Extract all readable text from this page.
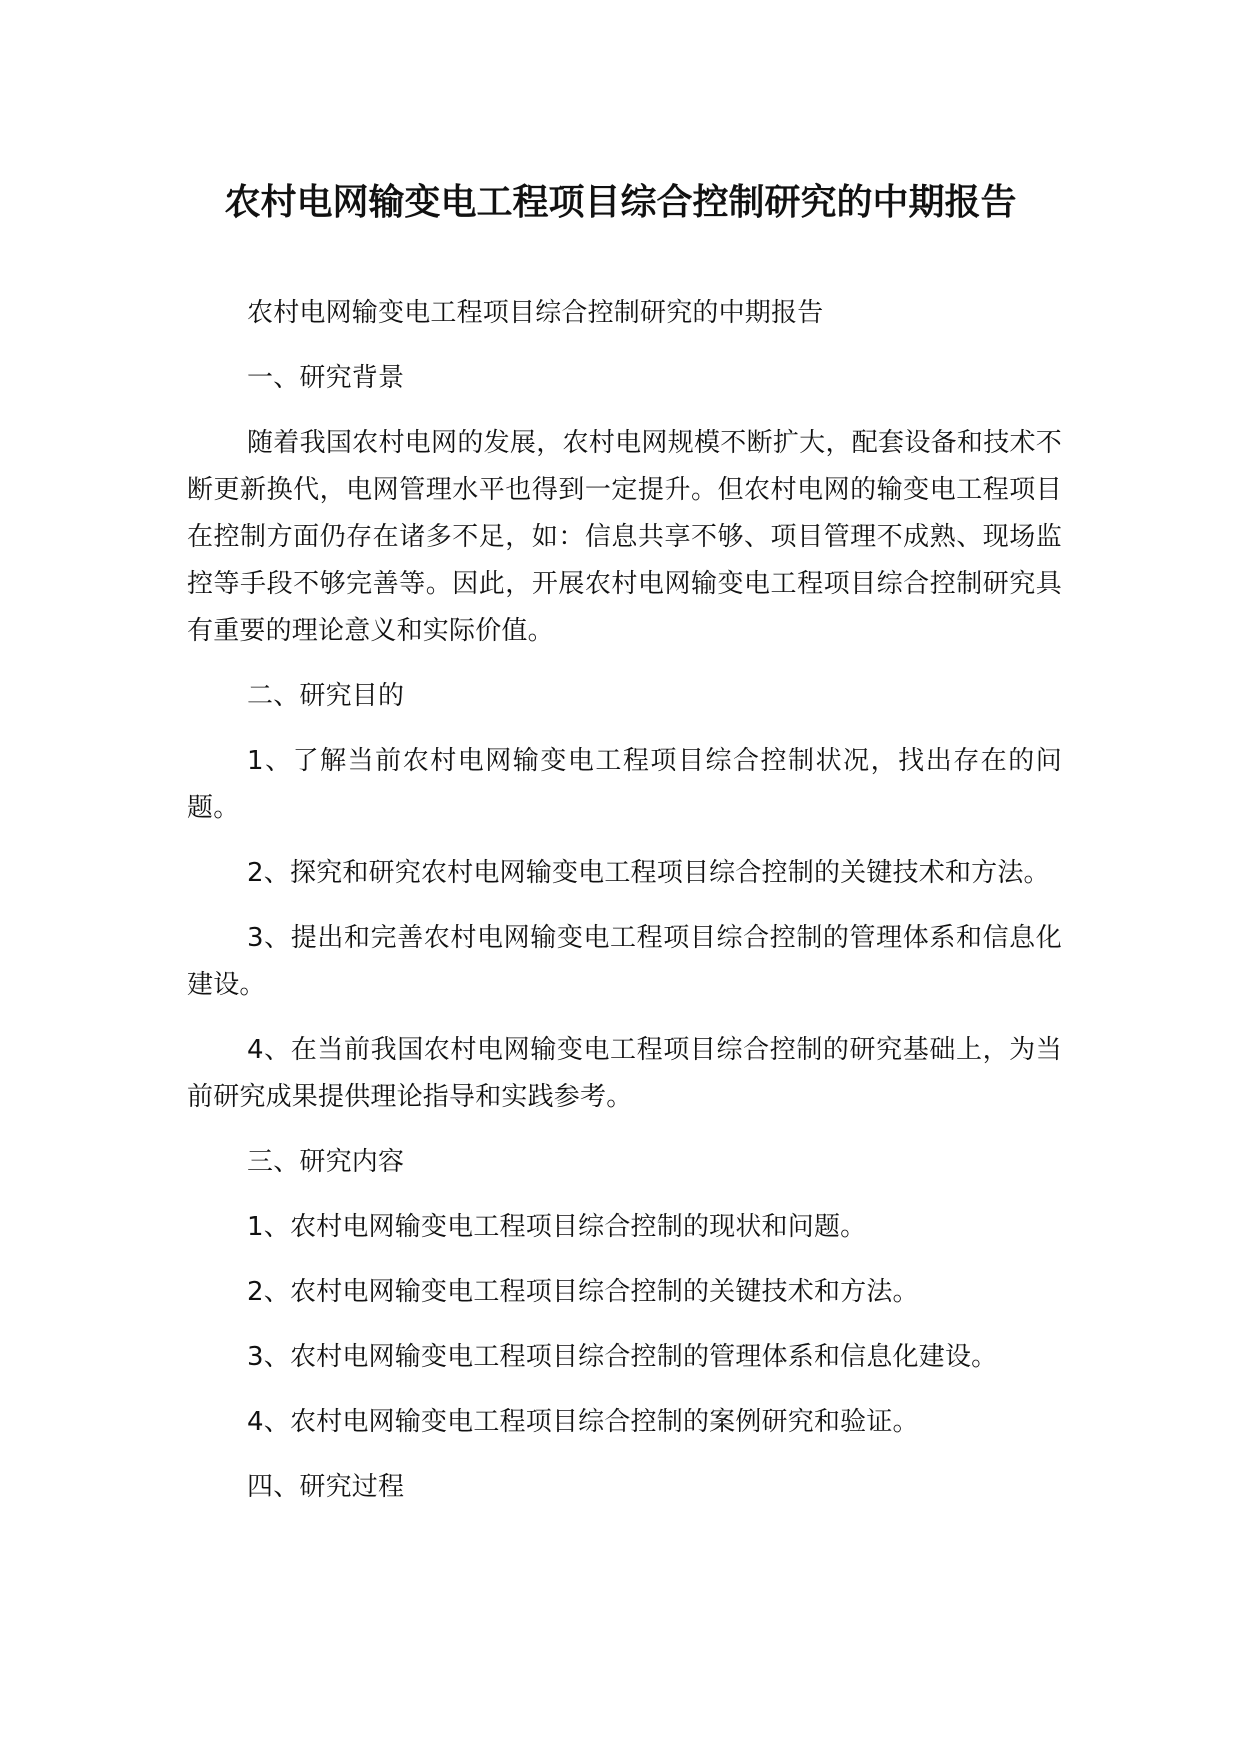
农村电网输变电工程项目综合控制研究的中期报告

农村电网输变电工程项目综合控制研究的中期报告

一、研究背景

随着我国农村电网的发展，农村电网规模不断扩大，配套设备和技术不断更新换代，电网管理水平也得到一定提升。但农村电网的输变电工程项目在控制方面仍存在诸多不足，如：信息共享不够、项目管理不成熟、现场监控等手段不够完善等。因此，开展农村电网输变电工程项目综合控制研究具有重要的理论意义和实际价值。

二、研究目的

1、了解当前农村电网输变电工程项目综合控制状况，找出存在的问题。

2、探究和研究农村电网输变电工程项目综合控制的关键技术和方法。

3、提出和完善农村电网输变电工程项目综合控制的管理体系和信息化建设。

4、在当前我国农村电网输变电工程项目综合控制的研究基础上，为当前研究成果提供理论指导和实践参考。

三、研究内容

1、农村电网输变电工程项目综合控制的现状和问题。

2、农村电网输变电工程项目综合控制的关键技术和方法。

3、农村电网输变电工程项目综合控制的管理体系和信息化建设。

4、农村电网输变电工程项目综合控制的案例研究和验证。

四、研究过程
